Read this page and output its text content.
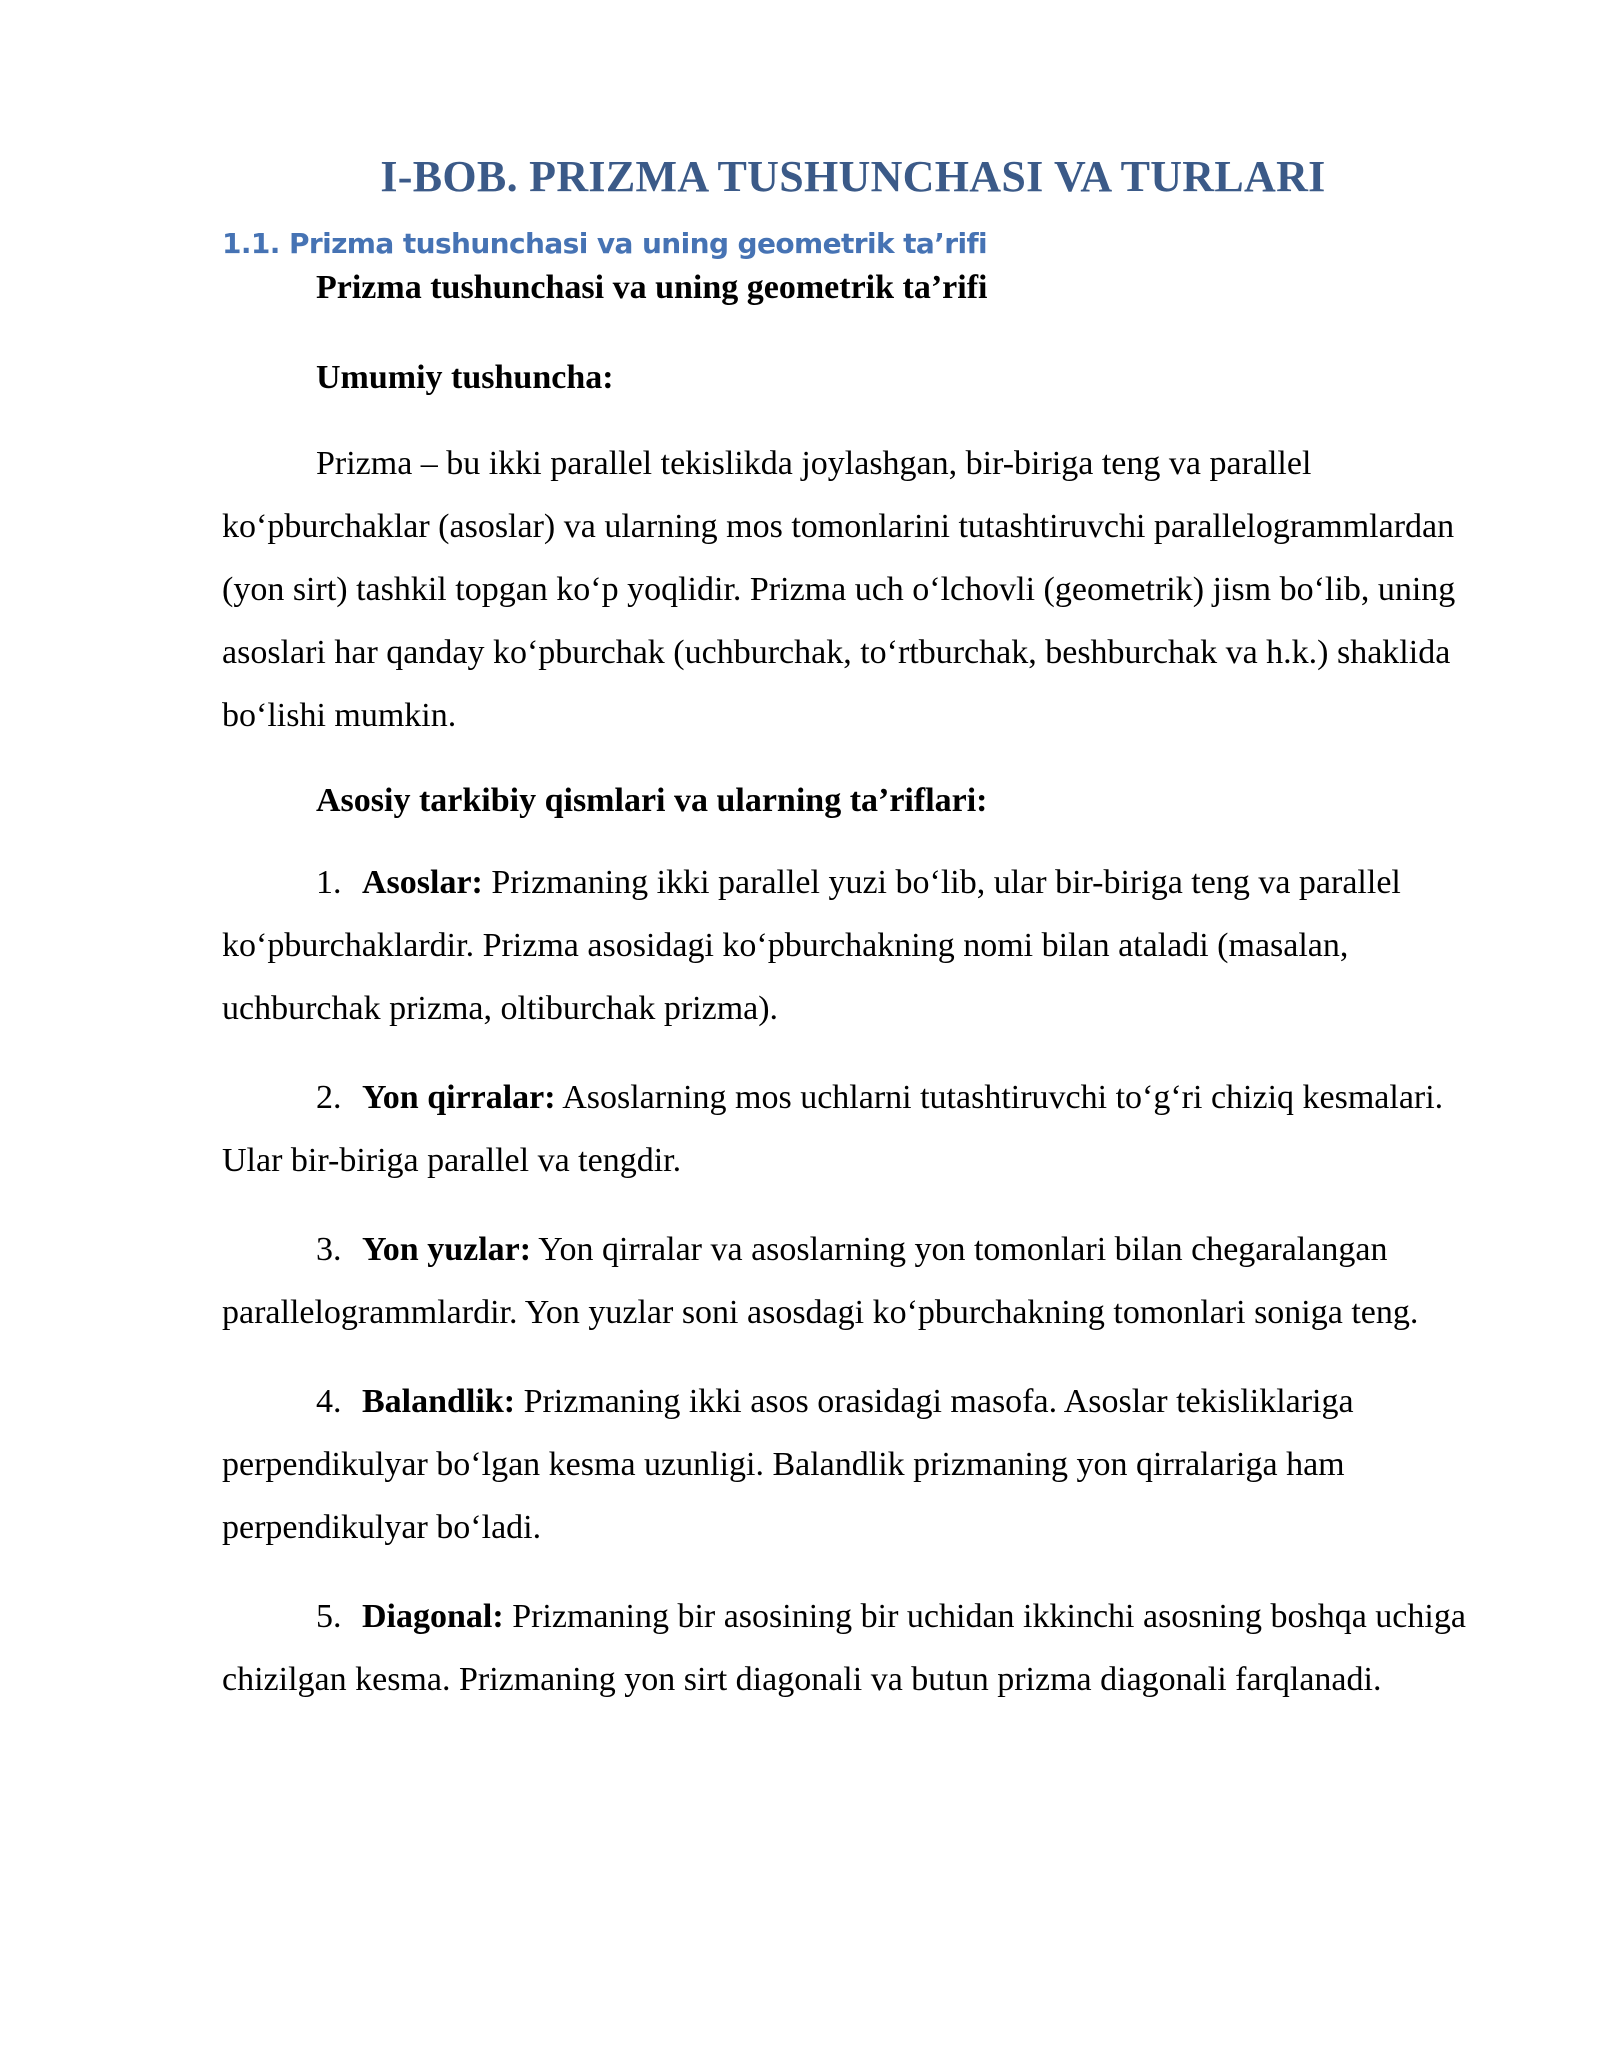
I-BOB. PRIZMA TUSHUNCHASI VA TURLARI
1.1. Prizma tushunchasi va uning geometrik ta’rifi
Prizma tushunchasi va uning geometrik ta’rifi
Umumiy tushuncha:

Prizma – bu ikki parallel tekislikda joylashgan, bir-biriga teng va parallel ko‘pburchaklar (asoslar) va ularning mos tomonlarini tutashtiruvchi parallelogrammlardan (yon sirt) tashkil topgan ko‘p yoqlidir. Prizma uch o‘lchovli (geometrik) jism bo‘lib, uning asoslari har qanday ko‘pburchak (uchburchak, to‘rtburchak, beshburchak va h.k.) shaklida bo‘lishi mumkin.

Asosiy tarkibiy qismlari va ularning ta’riflari:

1. Asoslar: Prizmaning ikki parallel yuzi bo‘lib, ular bir-biriga teng va parallel ko‘pburchaklardir. Prizma asosidagi ko‘pburchakning nomi bilan ataladi (masalan, uchburchak prizma, oltiburchak prizma).

2. Yon qirralar: Asoslarning mos uchlarni tutashtiruvchi to‘g‘ri chiziq kesmalari. Ular bir-biriga parallel va tengdir.

3. Yon yuzlar: Yon qirralar va asoslarning yon tomonlari bilan chegaralangan parallelogrammlardir. Yon yuzlar soni asosdagi ko‘pburchakning tomonlari soniga teng.

4. Balandlik: Prizmaning ikki asos orasidagi masofa. Asoslar tekisliklariga perpendikulyar bo‘lgan kesma uzunligi. Balandlik prizmaning yon qirralariga ham perpendikulyar bo‘ladi.

5. Diagonal: Prizmaning bir asosining bir uchidan ikkinchi asosning boshqa uchiga chizilgan kesma. Prizmaning yon sirt diagonali va butun prizma diagonali farqlanadi.
